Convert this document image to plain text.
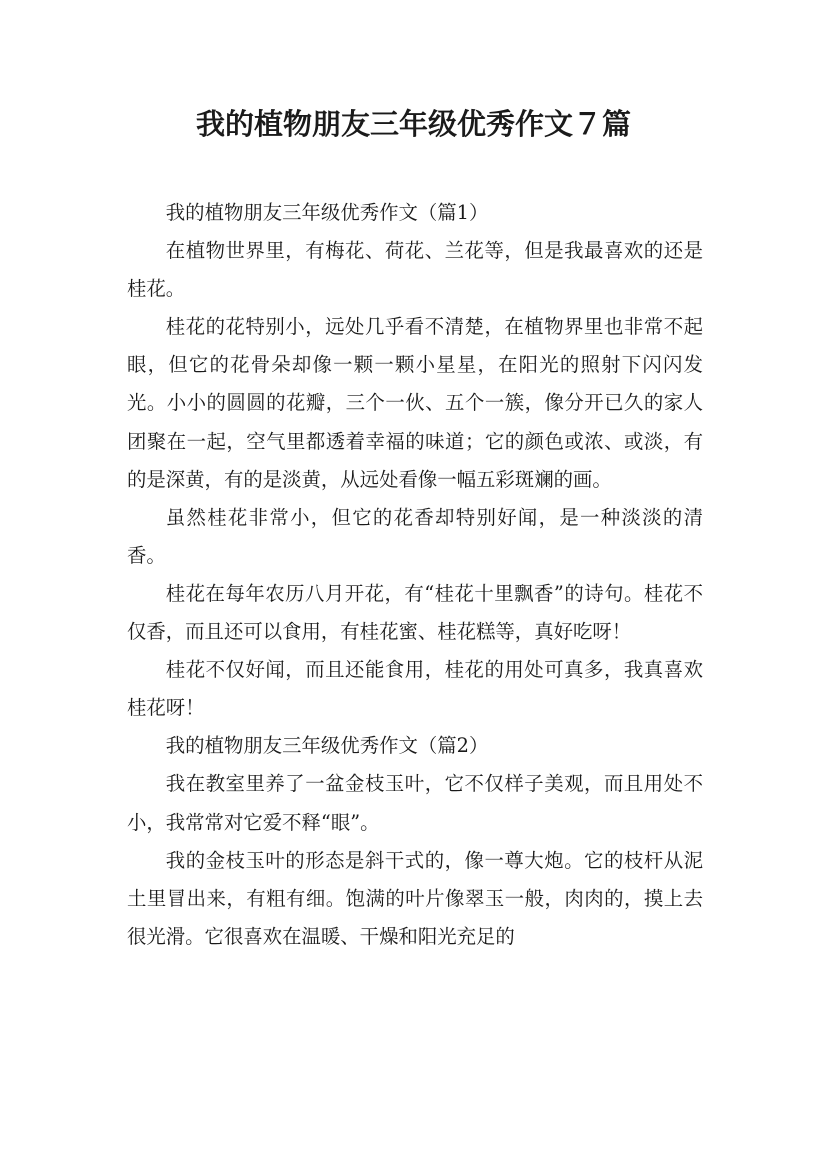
我的植物朋友三年级优秀作文７篇

我的植物朋友三年级优秀作文（篇1）

在植物世界里，有梅花、荷花、兰花等，但是我最喜欢的还是桂花。

桂花的花特别小，远处几乎看不清楚，在植物界里也非常不起眼，但它的花骨朵却像一颗一颗小星星，在阳光的照射下闪闪发光。小小的圆圆的花瓣，三个一伙、五个一簇，像分开已久的家人团聚在一起，空气里都透着幸福的味道；它的颜色或浓、或淡，有的是深黄，有的是淡黄，从远处看像一幅五彩斑斓的画。

虽然桂花非常小，但它的花香却特别好闻，是一种淡淡的清香。

桂花在每年农历八月开花，有“桂花十里飘香”的诗句。桂花不仅香，而且还可以食用，有桂花蜜、桂花糕等，真好吃呀！

桂花不仅好闻，而且还能食用，桂花的用处可真多，我真喜欢桂花呀！

我的植物朋友三年级优秀作文（篇2）

我在教室里养了一盆金枝玉叶，它不仅样子美观，而且用处不小，我常常对它爱不释“眼”。

我的金枝玉叶的形态是斜干式的，像一尊大炮。它的枝杆从泥土里冒出来，有粗有细。饱满的叶片像翠玉一般，肉肉的，摸上去很光滑。它很喜欢在温暖、干燥和阳光充足的
